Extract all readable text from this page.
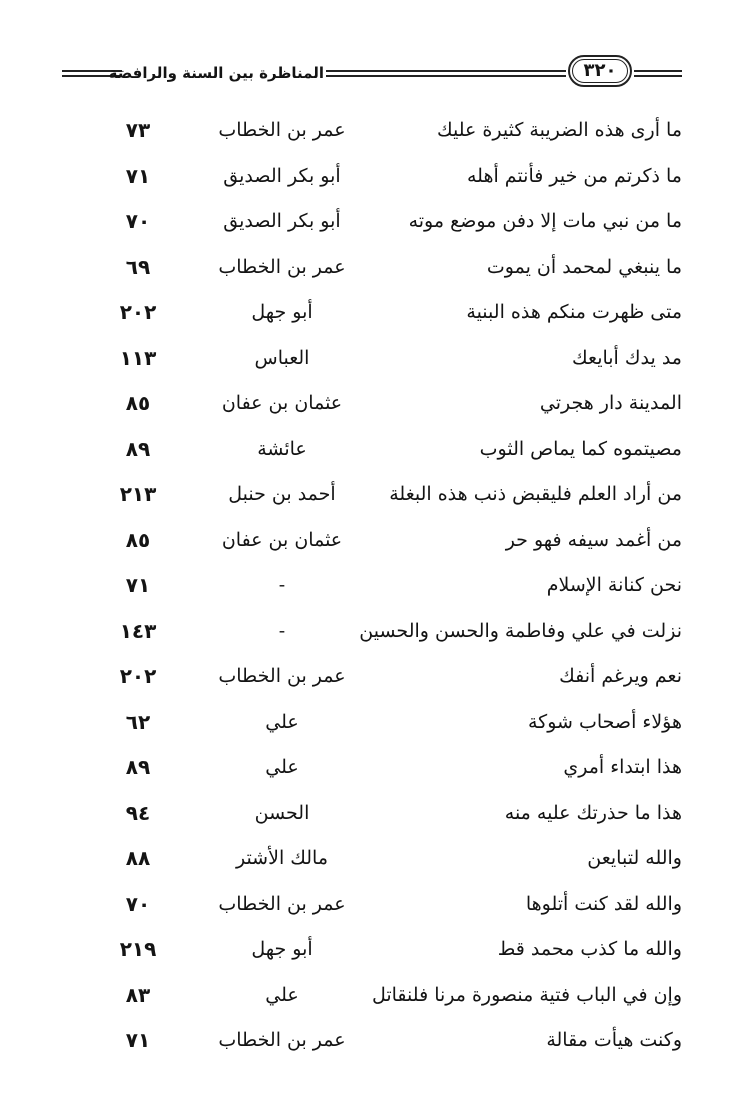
المناظرة بين السنة والرافضة	٣٢٠
ما أرى هذه الضريبة كثيرة عليك
عمر بن الخطاب
٧٣
ما ذكرتم من خير فأنتم أهله
أبو بكر الصديق
٧١
ما من نبي مات إلا دفن موضع موته
أبو بكر الصديق
٧٠
ما ينبغي لمحمد أن يموت
عمر بن الخطاب
٦٩
متى ظهرت منكم هذه البنية
أبو جهل
٢٠٢
مد يدك أبايعك
العباس
١١٣
المدينة دار هجرتي
عثمان بن عفان
٨٥
مصيتموه كما يماص الثوب
عائشة
٨٩
من أراد العلم فليقبض ذنب هذه البغلة
أحمد بن حنبل
٢١٣
من أغمد سيفه فهو حر
عثمان بن عفان
٨٥
نحن كنانة الإسلام
-
٧١
نزلت في علي وفاطمة والحسن والحسين
-
١٤٣
نعم ويرغم أنفك
عمر بن الخطاب
٢٠٢
هؤلاء أصحاب شوكة
علي
٦٢
هذا ابتداء أمري
علي
٨٩
هذا ما حذرتك عليه منه
الحسن
٩٤
والله لتبايعن
مالك الأشتر
٨٨
والله لقد كنت أتلوها
عمر بن الخطاب
٧٠
والله ما كذب محمد قط
أبو جهل
٢١٩
وإن في الباب فتية منصورة مرنا فلنقاتل
علي
٨٣
وكنت هيأت مقالة
عمر بن الخطاب
٧١
